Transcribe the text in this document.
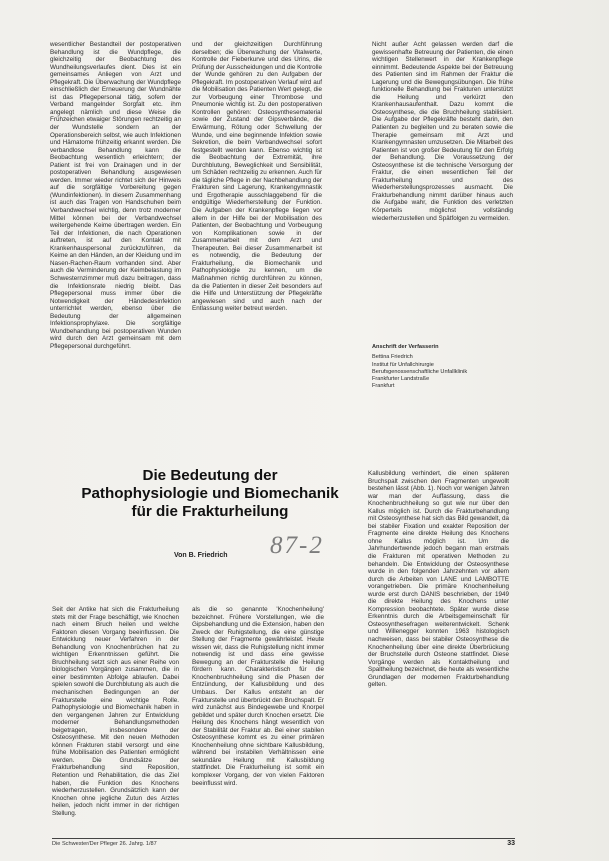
wesentlicher Bestandteil der postoperativen Behandlung ist die Wundpflege, die gleichzeitig der Beobachtung des Wundheilungsverlaufes dient. Dies ist ein gemeinsames Anliegen von Arzt und Pflegekraft. Die Überwachung der Wundpflege einschließlich der Erneuerung der Wundnähte ist das Pflegepersonal tätig, sofern der Verband mangelnder Sorgfalt etc. ihm angelegt nämlich und diese Weise die Frühzeichen etwaiger Störungen rechtzeitig an der Wundstelle sondern an der Operationsbereich selbst, wie auch Infektionen und Hämatome frühzeitig erkannt werden. Die verbandlose Behandlung kann die Beobachtung wesentlich erleichtern; der Patient ist frei von Drainagen und in der postoperativen Behandlung ausgewiesen werden. Immer wieder richtet sich der Hinweis auf die sorgfältige Vorbereitung gegen (Wundinfektionen). In diesem Zusammenhang ist auch das Tragen von Handschuhen beim Verbandwechsel wichtig, denn trotz moderner Mittel können bei der Verbandwechsel weitergehende Keime übertragen werden. Ein Teil der Infektionen, die nach Operationen auftreten, ist auf den Kontakt mit Krankenhauspersonal zurückzuführen, da Keime an den Händen, an der Kleidung und im Nasen-Rachen-Raum vorhanden sind. Aber auch die Verminderung der Keimbelastung im Schwesternzimmer muß dazu beitragen, dass die Infektionsrate niedrig bleibt. Das Pflegepersonal muss immer über die Notwendigkeit der Händedesinfektion unterrichtet werden, ebenso über die Bedeutung der allgemeinen Infektionsprophylaxe. Die sorgfältige Wundbehandlung bei postoperativen Wunden wird durch den Arzt gemeinsam mit dem Pflegepersonal durchgeführt.

und der gleichzeitigen Durchführung derselben; die Überwachung der Vitalwerte, Kontrolle der Fieberkurve und des Urins, die Prüfung der Ausscheidungen und die Kontrolle der Wunde gehören zu den Aufgaben der Pflegekraft. Im postoperativen Verlauf wird auf die Mobilisation des Patienten Wert gelegt, die zur Vorbeugung einer Thrombose und Pneumonie wichtig ist. Zu den postoperativen Kontrollen gehören: Osteosynthesematerial sowie der Zustand der Gipsverbände, die Erwärmung, Rötung oder Schwellung der Wunde, und eine beginnende Infektion sowie Sekretion, die beim Verbandwechsel sofort festgestellt werden kann. Ebenso wichtig ist die Beobachtung der Extremität, ihre Durchblutung, Beweglichkeit und Sensibilität, um Schäden rechtzeitig zu erkennen. Auch für die tägliche Pflege in der Nachbehandlung der Frakturen sind Lagerung, Krankengymnastik und Ergotherapie ausschlaggebend für die endgültige Wiederherstellung der Funktion. Die Aufgaben der Krankenpflege liegen vor allem in der Hilfe bei der Mobilisation des Patienten, der Beobachtung und Vorbeugung von Komplikationen sowie in der Zusammenarbeit mit dem Arzt und Therapeuten. Bei dieser Zusammenarbeit ist es notwendig, die Bedeutung der Frakturheilung, die Biomechanik und Pathophysiologie zu kennen, um die Maßnahmen richtig durchführen zu können, da die Patienten in dieser Zeit besonders auf die Hilfe und Unterstützung der Pflegekräfte angewiesen sind und auch nach der Entlassung weiter betreut werden.

Nicht außer Acht gelassen werden darf die gewissenhafte Betreuung der Patienten, die einen wichtigen Stellenwert in der Krankenpflege einnimmt. Bedeutende Aspekte bei der Betreuung des Patienten sind im Rahmen der Fraktur die Lagerung und die Bewegungsübungen. Die frühe funktionelle Behandlung bei Frakturen unterstützt die Heilung und verkürzt den Krankenhausaufenthalt. Dazu kommt die Osteosynthese, die die Bruchheilung stabilisiert. Die Aufgabe der Pflegekräfte besteht darin, den Patienten zu begleiten und zu beraten sowie die Therapie gemeinsam mit Arzt und Krankengymnasten umzusetzen. Die Mitarbeit des Patienten ist von großer Bedeutung für den Erfolg der Behandlung. Die Voraussetzung der Osteosynthese ist die technische Versorgung der Fraktur, die einen wesentlichen Teil der Frakturheilung und des Wiederherstellungsprozesses ausmacht. Die Frakturbehandlung nimmt darüber hinaus auch die Aufgabe wahr, die Funktion des verletzten Körperteils möglichst vollständig wiederherzustellen und Spätfolgen zu vermeiden.

Anschrift der Verfasserin
Bettina Friedrich
Institut für Unfallchirurgie
Berufsgenossenschaftliche Unfallklinik
Frankfurter Landstraße
Frankfurt
Die Bedeutung der
Pathophysiologie und Biomechanik
für die Frakturheilung
Von B. Friedrich 87-2

Seit der Antike hat sich die Frakturheilung stets mit der Frage beschäftigt, wie Knochen nach einem Bruch heilen und welche Faktoren diesen Vorgang beeinflussen. Die Entwicklung neuer Verfahren in der Behandlung von Knochenbrüchen hat zu wichtigen Erkenntnissen geführt. Die Bruchheilung setzt sich aus einer Reihe von biologischen Vorgängen zusammen, die in einer bestimmten Abfolge ablaufen. Dabei spielen sowohl die Durchblutung als auch die mechanischen Bedingungen an der Frakturstelle eine wichtige Rolle. Pathophysiologie und Biomechanik haben in den vergangenen Jahren zur Entwicklung moderner Behandlungsmethoden beigetragen, insbesondere der Osteosynthese. Mit den neuen Methoden können Frakturen stabil versorgt und eine frühe Mobilisation des Patienten ermöglicht werden. Die Grundsätze der Frakturbehandlung sind Reposition, Retention und Rehabilitation, die das Ziel haben, die Funktion des Knochens wiederherzustellen. Grundsätzlich kann der Knochen ohne jegliche Zutun des Arztes heilen, jedoch nicht immer in der richtigen Stellung.

als die so genannte 'Knochenheilung' bezeichnet. Frühere Vorstellungen, wie die Gipsbehandlung und die Extension, haben den Zweck der Ruhigstellung, die eine günstige Stellung der Fragmente gewährleistet. Heute wissen wir, dass die Ruhigstellung nicht immer notwendig ist und dass eine gewisse Bewegung an der Frakturstelle die Heilung fördern kann. Charakteristisch für die Knochenbruchheilung sind die Phasen der Entzündung, der Kallusbildung und des Umbaus. Der Kallus entsteht an der Frakturstelle und überbrückt den Bruchspalt. Er wird zunächst aus Bindegewebe und Knorpel gebildet und später durch Knochen ersetzt. Die Heilung des Knochens hängt wesentlich von der Stabilität der Fraktur ab. Bei einer stabilen Osteosynthese kommt es zu einer primären Knochenheilung ohne sichtbare Kallusbildung, während bei instabilen Verhältnissen eine sekundäre Heilung mit Kallusbildung stattfindet. Die Frakturheilung ist somit ein komplexer Vorgang, der von vielen Faktoren beeinflusst wird.

Kallusbildung verhindert, die einen späteren Bruchspalt zwischen den Fragmenten ungewollt bestehen lässt (Abb. 1). Noch vor wenigen Jahren war man der Auffassung, dass die Knochenbruchheilung so gut wie nur über den Kallus möglich ist. Durch die Frakturbehandlung mit Osteosynthese hat sich das Bild gewandelt, da bei stabiler Fixation und exakter Reposition der Fragmente eine direkte Heilung des Knochens ohne Kallus möglich ist. Um die Jahrhundertwende jedoch begann man erstmals die Frakturen mit operativen Methoden zu behandeln. Die Entwicklung der Osteosynthese wurde in den folgenden Jahrzehnten vor allem durch die Arbeiten von LANE und LAMBOTTE vorangetrieben. Die primäre Knochenheilung wurde erst durch DANIS beschrieben, der 1949 die direkte Heilung des Knochens unter Kompression beobachtete. Später wurde diese Erkenntnis durch die Arbeitsgemeinschaft für Osteosynthesefragen weiterentwickelt. Schenk und Willenegger konnten 1963 histologisch nachweisen, dass bei stabiler Osteosynthese die Knochenheilung über eine direkte Überbrückung der Bruchstelle durch Osteone stattfindet. Diese Vorgänge werden als Kontaktheilung und Spaltheilung bezeichnet, die heute als wesentliche Grundlagen der modernen Frakturbehandlung gelten.

Die Schwester/Der Pfleger 26. Jahrg. 1/87	33
